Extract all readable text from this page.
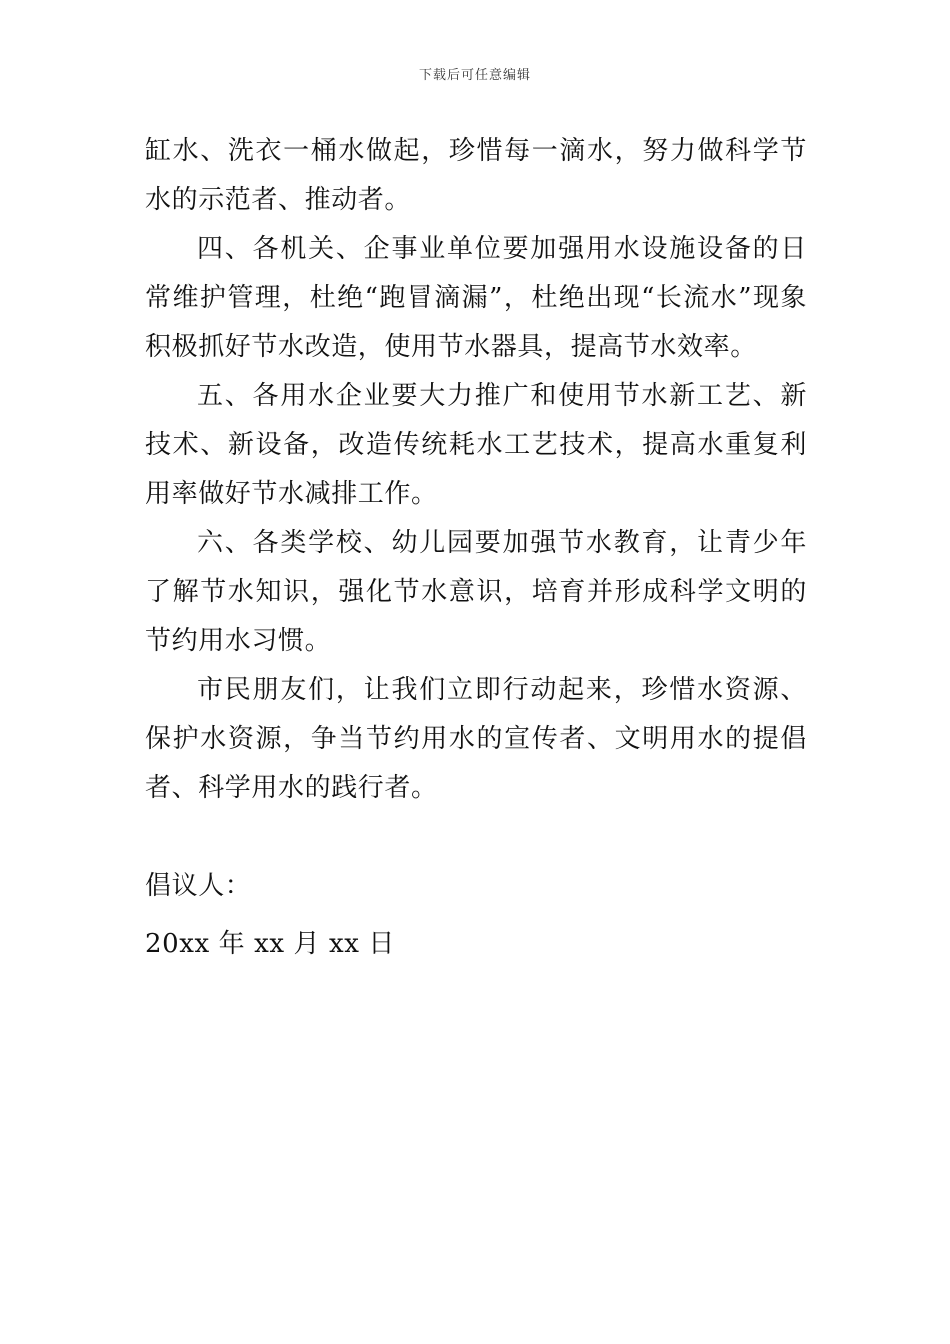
下载后可任意编辑

缸水、洗衣一桶水做起，珍惜每一滴水，努力做科学节水的示范者、推动者。

四、各机关、企事业单位要加强用水设施设备的日常维护管理，杜绝“跑冒滴漏”，杜绝出现“长流水”现象积极抓好节水改造，使用节水器具，提高节水效率。

五、各用水企业要大力推广和使用节水新工艺、新技术、新设备，改造传统耗水工艺技术，提高水重复利用率做好节水减排工作。

六、各类学校、幼儿园要加强节水教育，让青少年了解节水知识，强化节水意识，培育并形成科学文明的节约用水习惯。

市民朋友们，让我们立即行动起来，珍惜水资源、保护水资源，争当节约用水的宣传者、文明用水的提倡者、科学用水的践行者。

倡议人：
20xx 年 xx 月 xx 日
